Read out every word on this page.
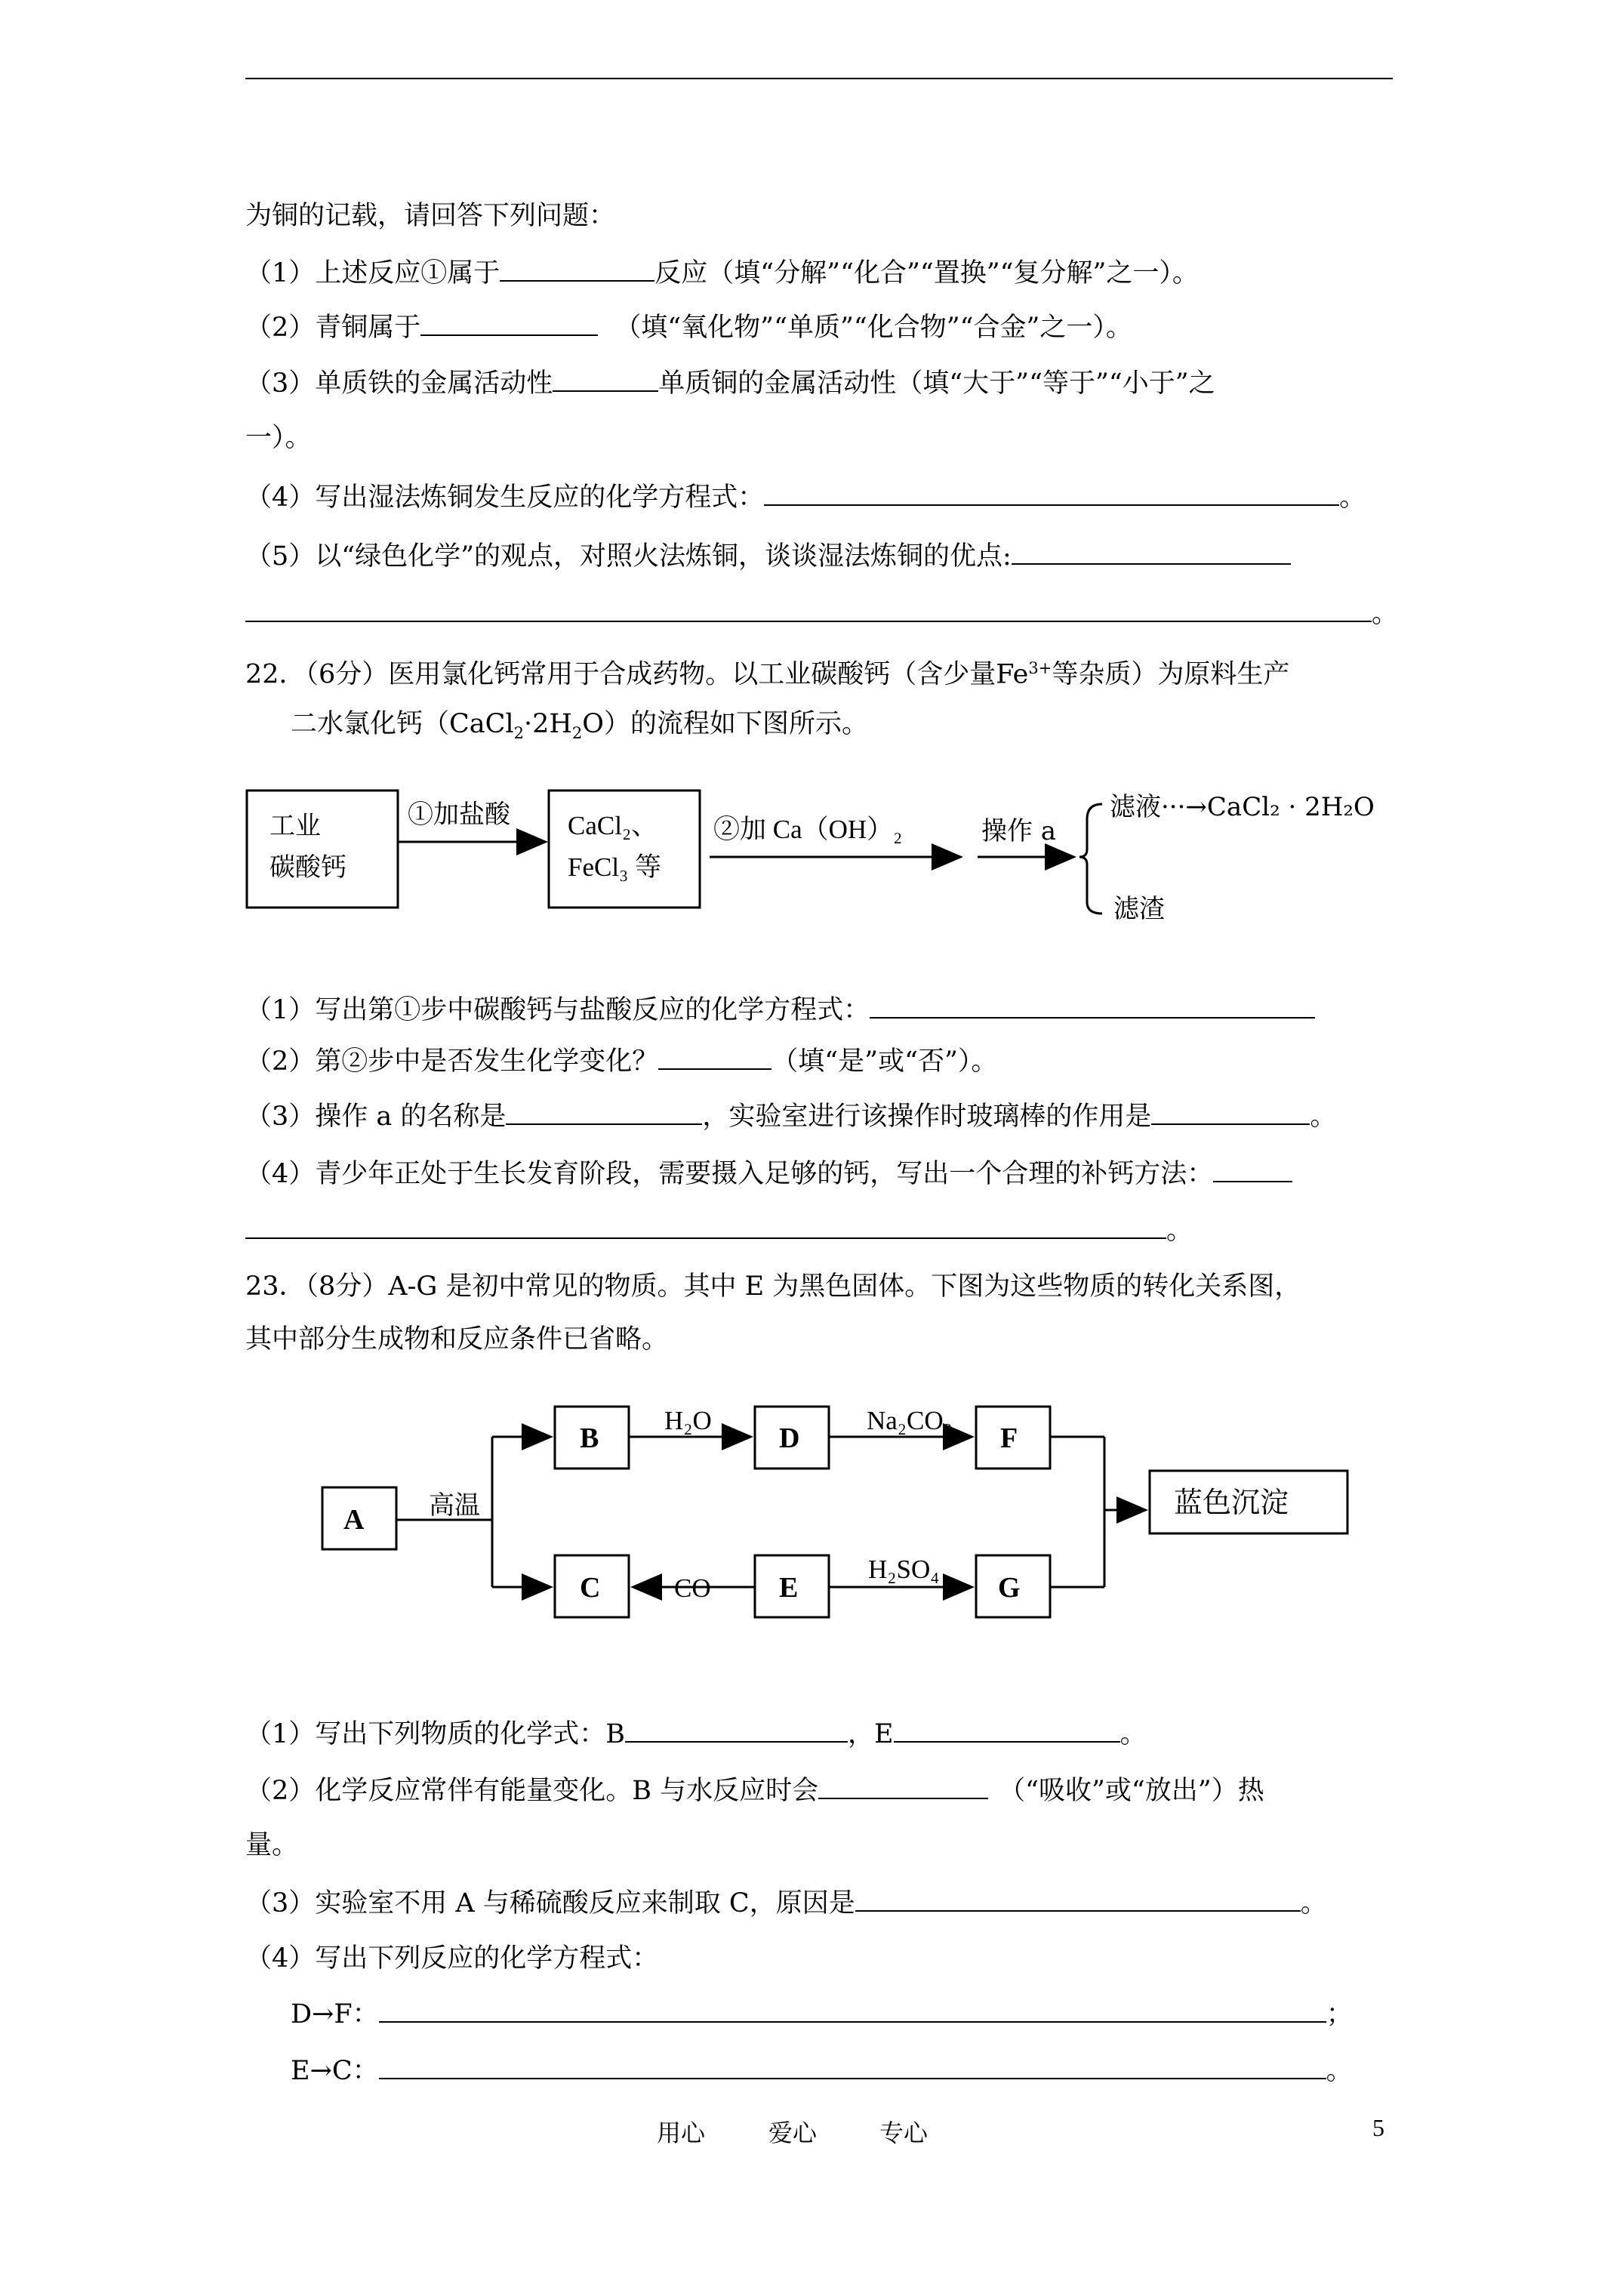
为铜的记载，请回答下列问题：
（1）上述反应①属于	反应（填“分解”“化合”“置换”“复分解”之一）。
（2）青铜属于	（填“氧化物”“单质”“化合物”“合金”之一）。
（3）单质铁的金属活动性	单质铜的金属活动性（填“大于”“等于”“小于”之
一）。
（4）写出湿法炼铜发生反应的化学方程式：	。
（5）以“绿色化学”的观点，对照火法炼铜，谈谈湿法炼铜的优点:
。
22．（6分）医用氯化钙常用于合成药物。以工业碳酸钙（含少量$Fe^{3+}$等杂质）为原料生产
二水氯化钙$(CaCl_2\cdot 2H_2O)$的流程如下图所示。
工业
碳酸钙
①加盐酸 CaCl₂、
FeCl₃ 等
②加 Ca（OH）₂	操作 a
滤液···→CaCl₂ · 2H₂O
滤渣
（1）写出第①步中碳酸钙与盐酸反应的化学方程式：
（2）第②步中是否发生化学变化？	（填“是”或“否”）。
（3）操作 a 的名称是	，实验室进行该操作时玻璃棒的作用是	。
（4）青少年正处于生长发育阶段，需要摄入足够的钙，写出一个合理的补钙方法：
。
23．（8分）A-G 是初中常见的物质。其中 E 为黑色固体。下图为这些物质的转化关系图，
其中部分生成物和反应条件已省略。
A	高温
B
H₂O
D
Na₂CO₃
F
C	CO E
H₂SO₄
G
蓝色沉淀
（1）写出下列物质的化学式：B	，E	。
（2）化学反应常伴有能量变化。B 与水反应时会	（“吸收”或“放出”）热
量。
（3）实验室不用 A 与稀硫酸反应来制取 C，原因是	。
（4）写出下列反应的化学方程式：
D→F：	；
E→C：	。
用心	爱心	专心	5
